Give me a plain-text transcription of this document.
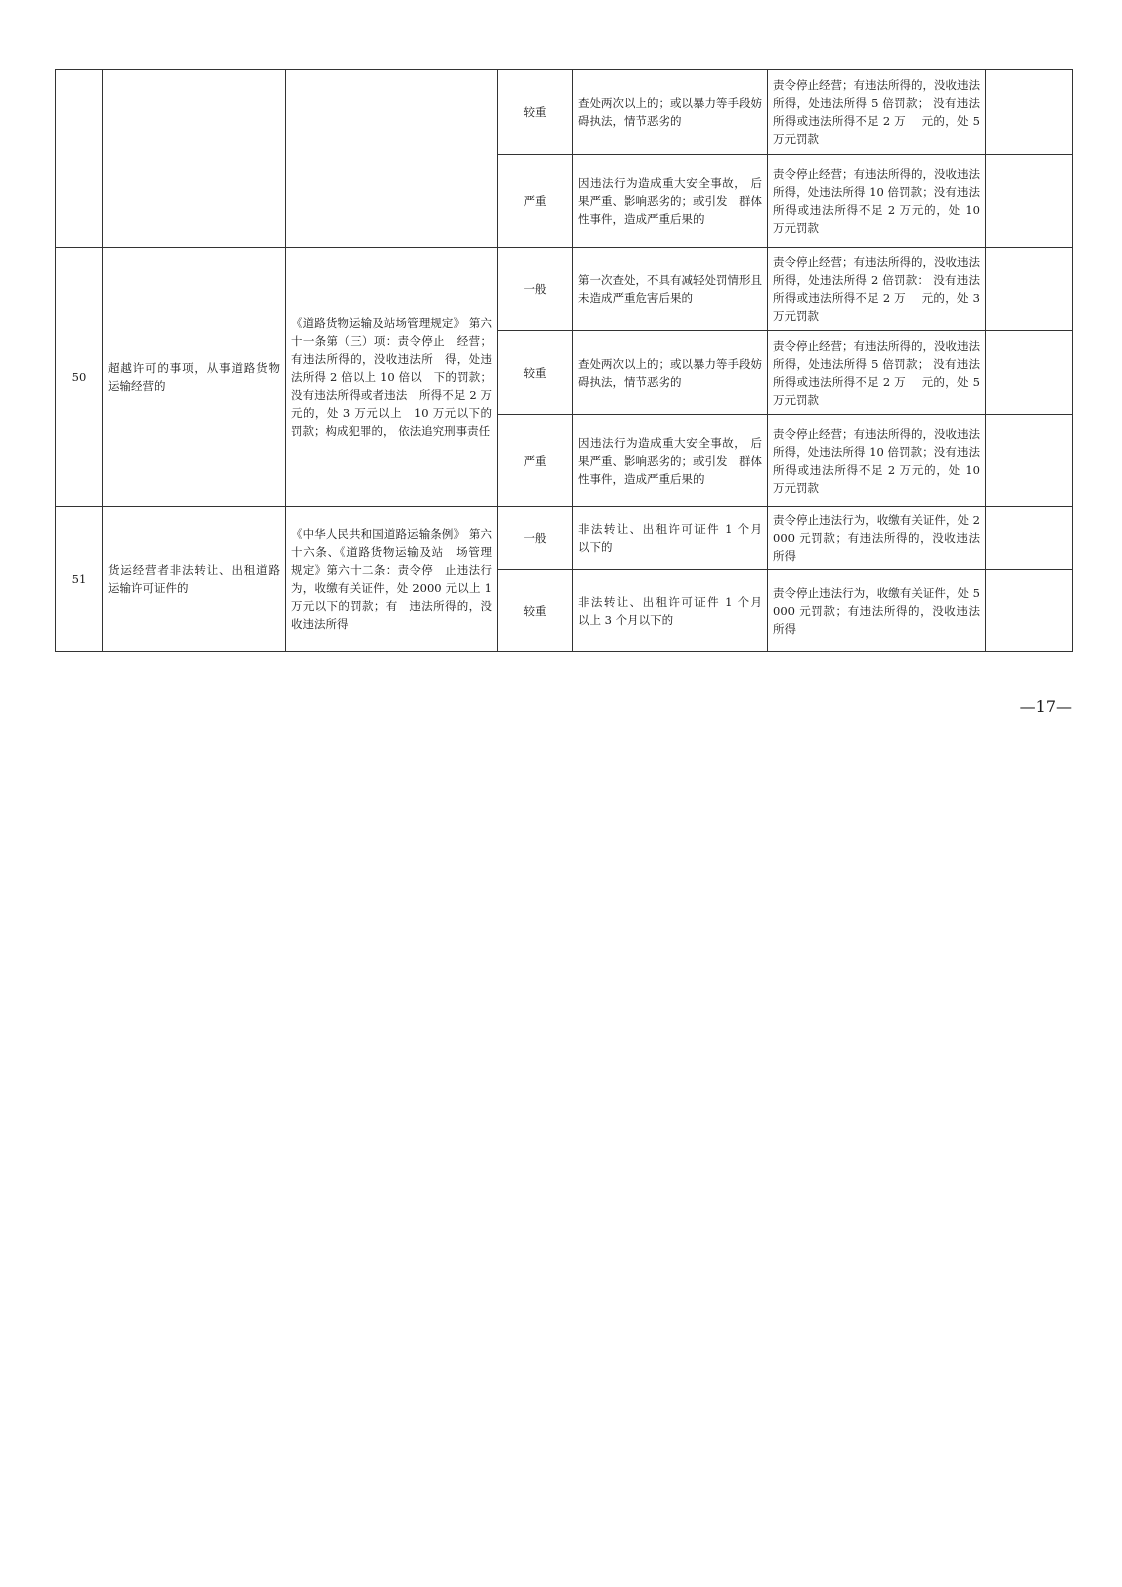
			较重	查处两次以上的；或以暴力等手段妨碍执法，情节恶劣的	责令停止经营；有违法所得的，没收违法所得，处违法所得 5 倍罚款； 没有违法所得或违法所得不足 2 万　 元的，处 5 万元罚款	
			严重	因违法行为造成重大安全事故， 后果严重、影响恶劣的；或引发　群体性事件，造成严重后果的	责令停止经营；有违法所得的，没收违法所得，处违法所得 10 倍罚款；没有违法所得或违法所得不足 2 万元的，处 10 万元罚款	
50	超越许可的事项，从事道路货物运输经营的	《道路货物运输及站场管理规定》 第六十一条第（三）项：责令停止　经营；有违法所得的，没收违法所　得，处违法所得 2 倍以上 10 倍以　下的罚款；没有违法所得或者违法　所得不足 2 万元的，处 3 万元以上　10 万元以下的罚款；构成犯罪的， 依法追究刑事责任	一般	第一次查处，不具有减轻处罚情形且未造成严重危害后果的	责令停止经营；有违法所得的，没收违法所得，处违法所得 2 倍罚款： 没有违法所得或违法所得不足 2 万　 元的，处 3 万元罚款	
			较重	查处两次以上的；或以暴力等手段妨碍执法，情节恶劣的	责令停止经营；有违法所得的，没收违法所得，处违法所得 5 倍罚款； 没有违法所得或违法所得不足 2 万　 元的，处 5 万元罚款	
			严重	因违法行为造成重大安全事故， 后果严重、影响恶劣的；或引发　群体性事件，造成严重后果的	责令停止经营；有违法所得的，没收违法所得，处违法所得 10 倍罚款；没有违法所得或违法所得不足 2 万元的，处 10 万元罚款	
51	货运经营者非法转让、出租道路运输许可证件的	《中华人民共和国道路运输条例》 第六十六条、《道路货物运输及站　场管理规定》第六十二条：责令停　止违法行为，收缴有关证件，处 2000 元以上 1 万元以下的罚款；有　违法所得的，没收违法所得	一般	非法转让、出租许可证件 1 个月　以下的	责令停止违法行为，收缴有关证件，处 2000 元罚款；有违法所得的，没收违法所得	
			较重	非法转让、出租许可证件 1 个月　以上 3 个月以下的	责令停止违法行为，收缴有关证件，处 5000 元罚款；有违法所得的，没收违法所得	
—17—
